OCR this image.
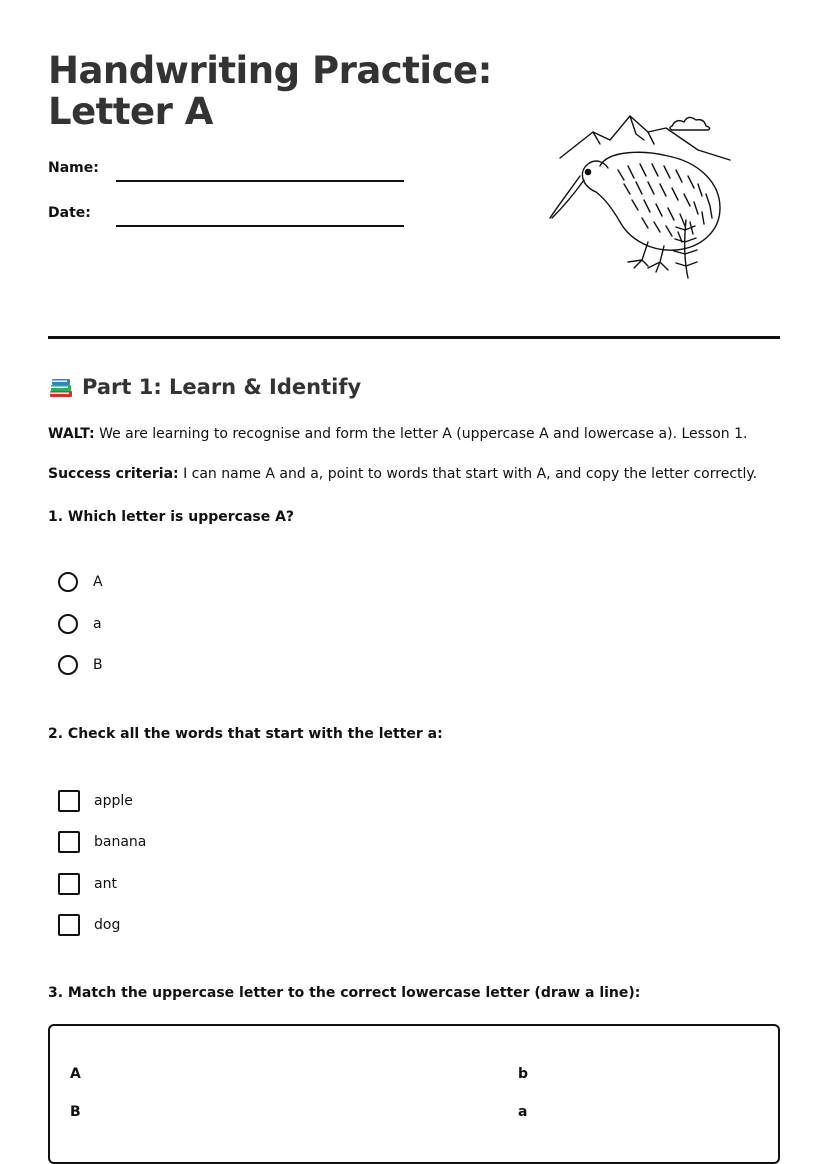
Handwriting Practice:
Letter A
Name:
Date:
Part 1: Learn & Identify
WALT: We are learning to recognise and form the letter A (uppercase A and lowercase a). Lesson 1.
Success criteria: I can name A and a, point to words that start with A, and copy the letter correctly.
1. Which letter is uppercase A?
A
a
B
2. Check all the words that start with the letter a:
apple
banana
ant
dog
3. Match the uppercase letter to the correct lowercase letter (draw a line):
A
B
b
a
